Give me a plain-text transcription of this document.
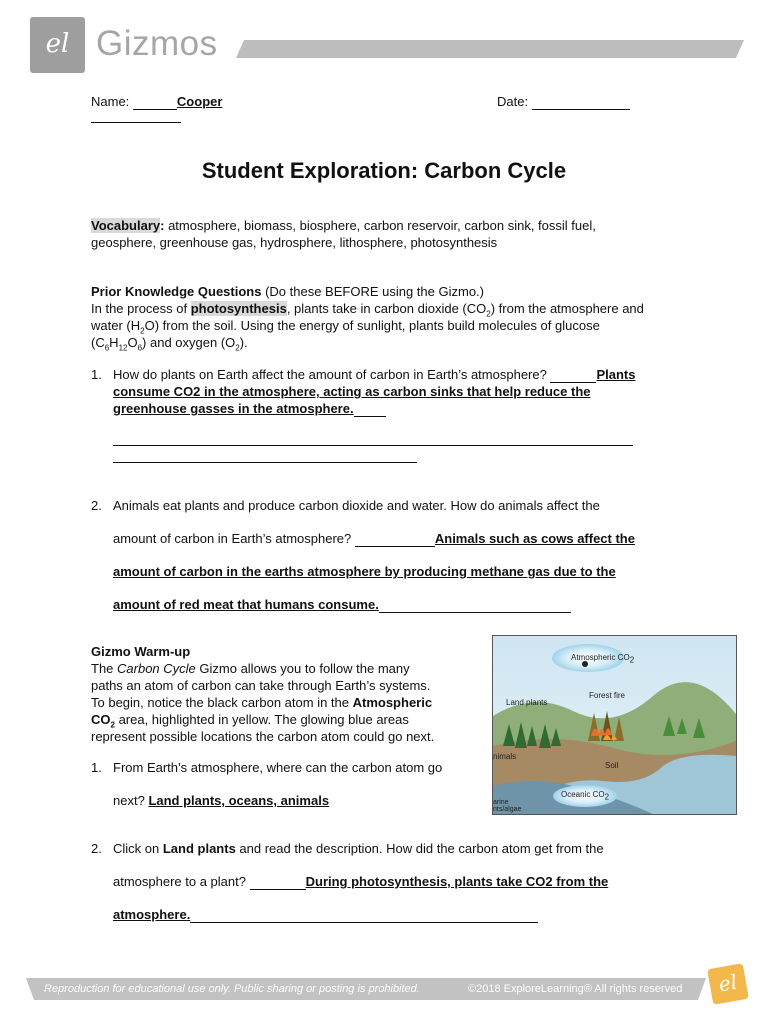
el Gizmos
Name:	Cooper	Date:
Student Exploration: Carbon Cycle
Vocabulary: atmosphere, biomass, biosphere, carbon reservoir, carbon sink, fossil fuel,
geosphere, greenhouse gas, hydrosphere, lithosphere, photosynthesis
Prior Knowledge Questions (Do these BEFORE using the Gizmo.)
In the process of photosynthesis, plants take in carbon dioxide $(CO_2)$ from the atmosphere and
water $(H_2O)$ from the soil. Using the energy of sunlight, plants build molecules of glucose
$(C_6H_{12}O_6)$ and oxygen $(O_2)$.
1. How do plants on Earth affect the amount of carbon in Earth’s atmosphere?	Plants
consume CO2 in the atmosphere, acting as carbon sinks that help reduce the
greenhouse gasses in the atmosphere.
2. Animals eat plants and produce carbon dioxide and water. How do animals affect the
amount of carbon in Earth’s atmosphere?	Animals such as cows affect the
amount of carbon in the earths atmosphere by producing methane gas due to the
amount of red meat that humans consume.
Gizmo Warm-up
The Carbon Cycle Gizmo allows you to follow the many
paths an atom of carbon can take through Earth’s systems.
To begin, notice the black carbon atom in the Atmospheric
$CO_2$ area, highlighted in yellow. The glowing blue areas
represent possible locations the carbon atom could go next.
1. From Earth’s atmosphere, where can the carbon atom go
next? Land plants, oceans, animals
Atmospheric $CO_2$
Forest fire
Land plants
nimals
Soil
Oceanic $CO_2$
arine
nts/algae
2. Click on Land plants and read the description. How did the carbon atom get from the
atmosphere to a plant?	During photosynthesis, plants take CO2 from the
atmosphere.
Reproduction for educational use only. Public sharing or posting is prohibited.	©2018 ExploreLearning® All rights reserved	el
